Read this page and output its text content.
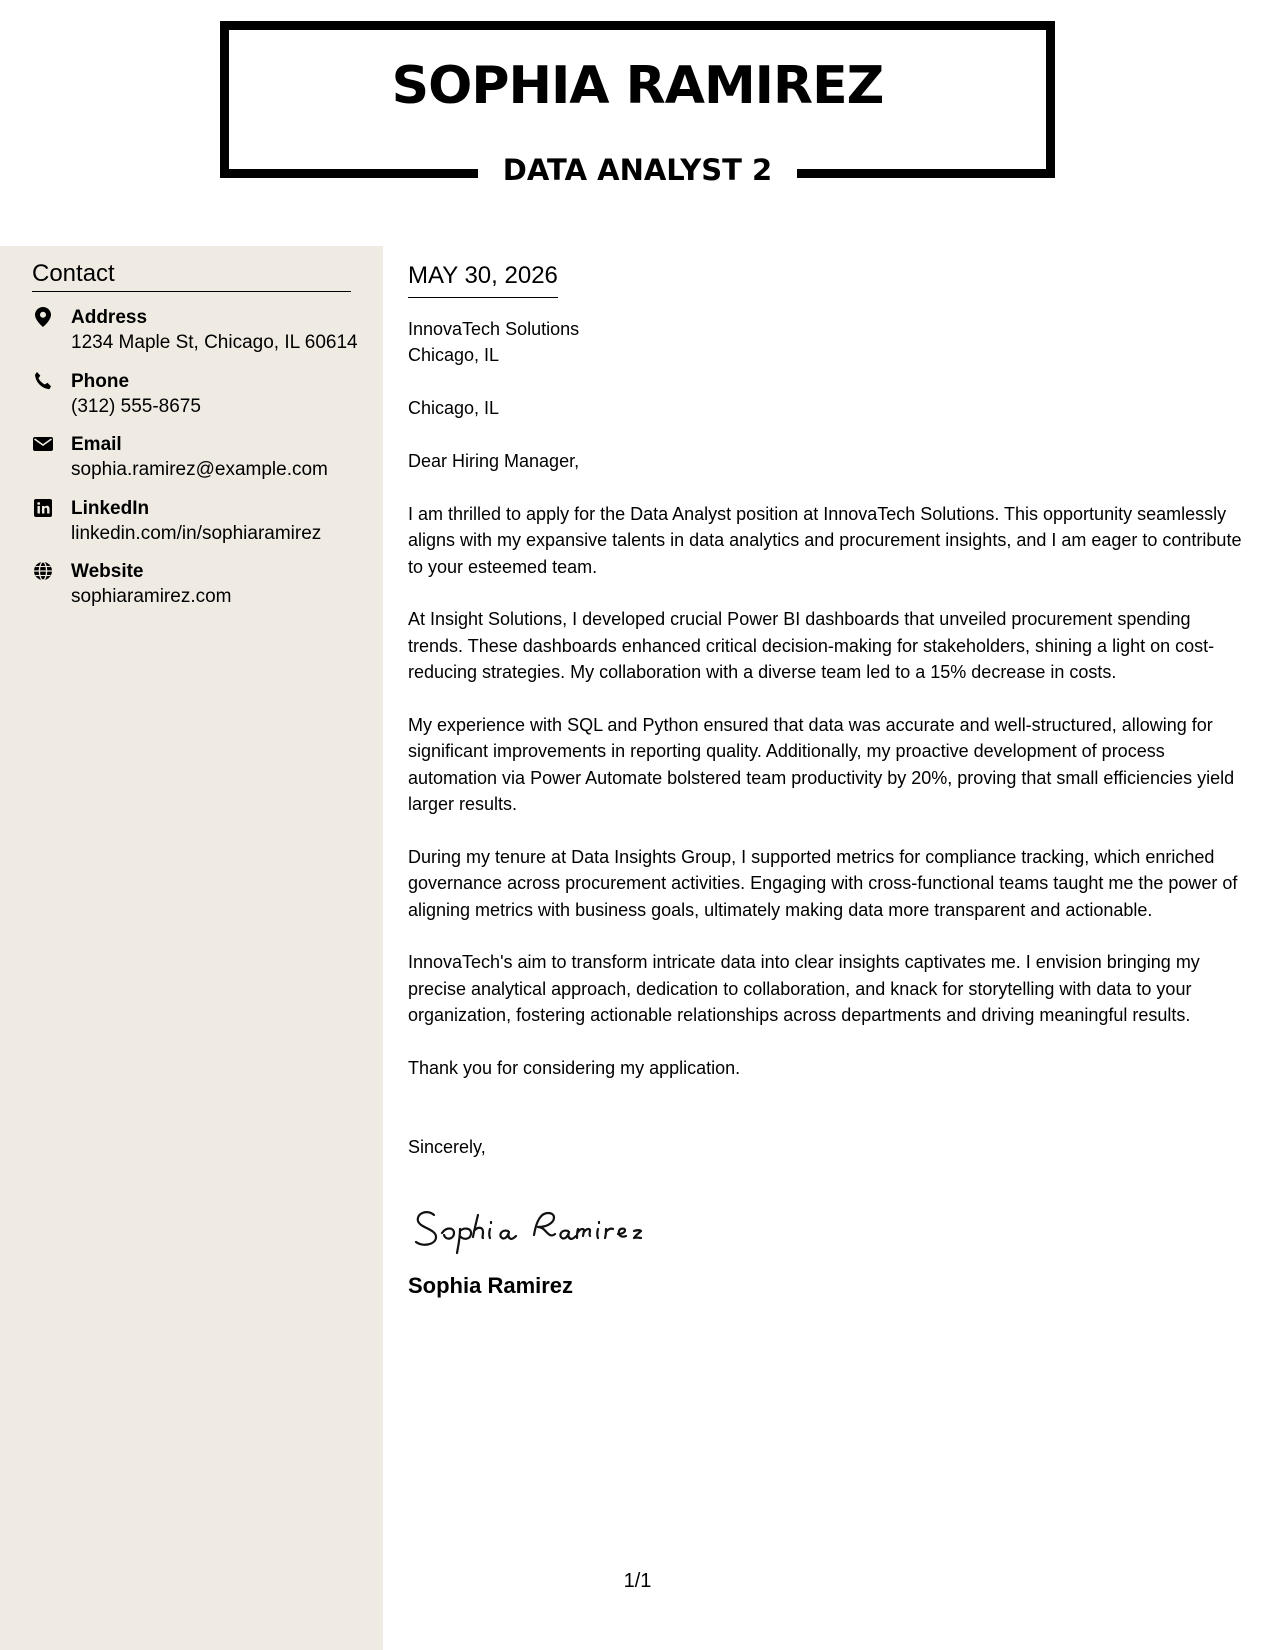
SOPHIA RAMIREZ
DATA ANALYST 2
Contact
Address
1234 Maple St, Chicago, IL 60614
Phone
(312) 555-8675
Email
sophia.ramirez@example.com
LinkedIn
linkedin.com/in/sophiaramirez
Website
sophiaramirez.com
MAY 30, 2026
InnovaTech Solutions
Chicago, IL
Chicago, IL
Dear Hiring Manager,

I am thrilled to apply for the Data Analyst position at InnovaTech Solutions. This opportunity seamlessly aligns with my expansive talents in data analytics and procurement insights, and I am eager to contribute to your esteemed team.

At Insight Solutions, I developed crucial Power BI dashboards that unveiled procurement spending trends. These dashboards enhanced critical decision-making for stakeholders, shining a light on cost-reducing strategies. My collaboration with a diverse team led to a 15% decrease in costs.

My experience with SQL and Python ensured that data was accurate and well-structured, allowing for significant improvements in reporting quality. Additionally, my proactive development of process automation via Power Automate bolstered team productivity by 20%, proving that small efficiencies yield larger results.

During my tenure at Data Insights Group, I supported metrics for compliance tracking, which enriched governance across procurement activities. Engaging with cross-functional teams taught me the power of aligning metrics with business goals, ultimately making data more transparent and actionable.

InnovaTech's aim to transform intricate data into clear insights captivates me. I envision bringing my precise analytical approach, dedication to collaboration, and knack for storytelling with data to your organization, fostering actionable relationships across departments and driving meaningful results.

Thank you for considering my application.

Sincerely,
Sophia Ramirez
1/1
